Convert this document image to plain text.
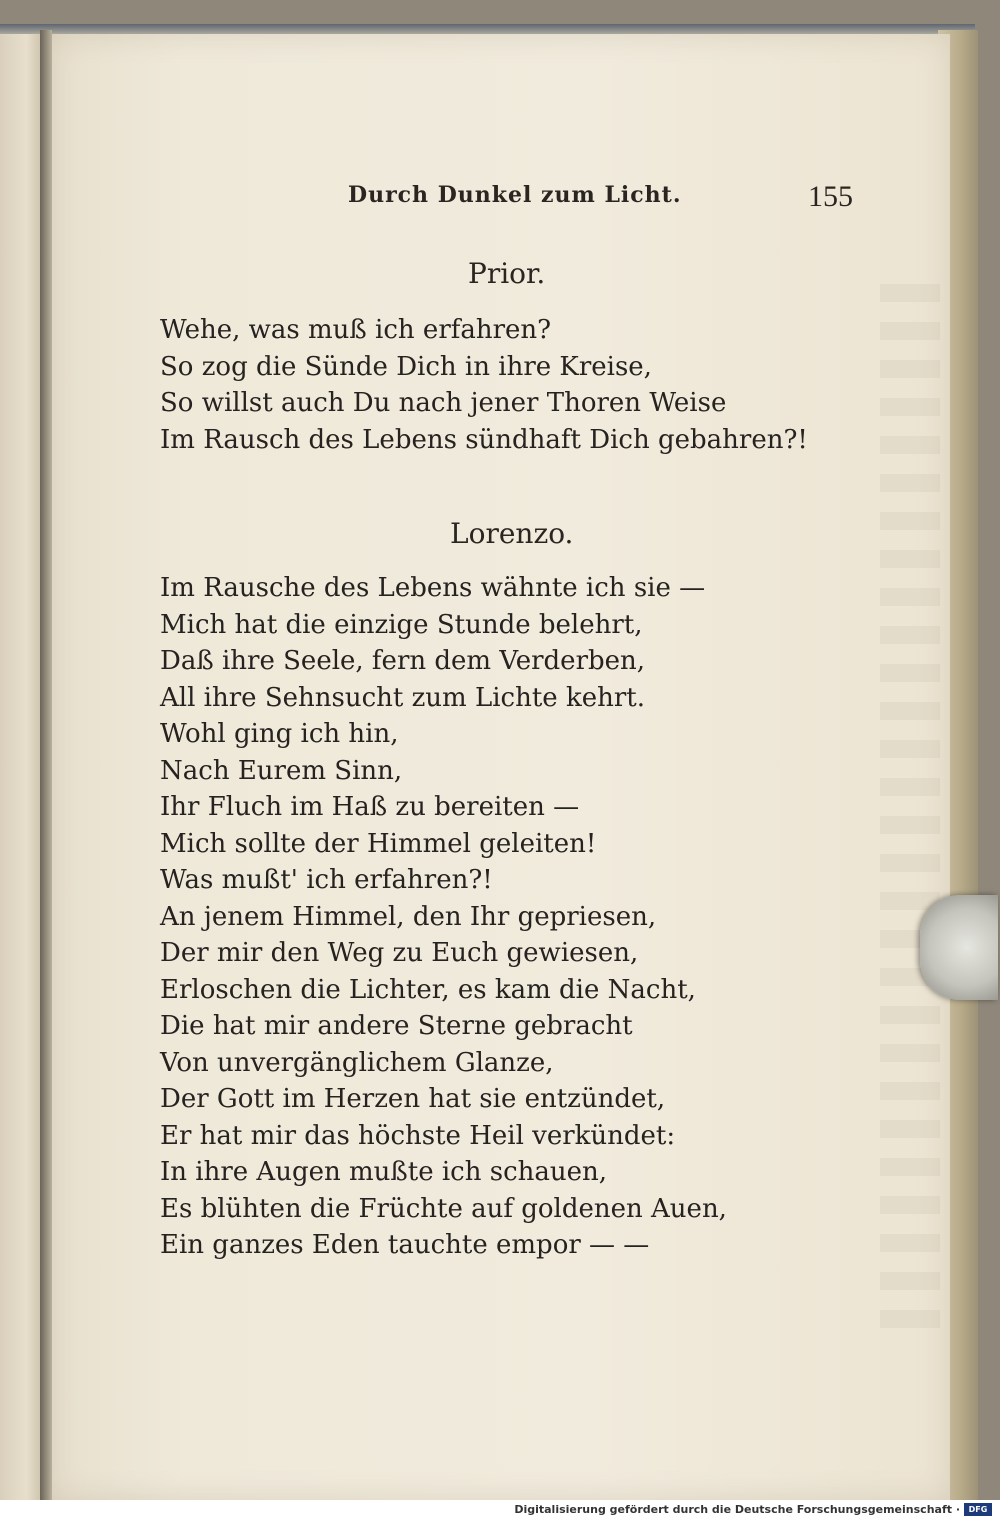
Durch Dunkel zum Licht.	155
Prior.
Wehe, was muß ich erfahren?
So zog die Sünde Dich in ihre Kreise,
So willst auch Du nach jener Thoren Weise
Im Rausch des Lebens sündhaft Dich gebahren?!
Lorenzo.
Im Rausche des Lebens wähnte ich sie —
Mich hat die einzige Stunde belehrt,
Daß ihre Seele, fern dem Verderben,
All ihre Sehnsucht zum Lichte kehrt.
Wohl ging ich hin,
Nach Eurem Sinn,
Ihr Fluch im Haß zu bereiten —
Mich sollte der Himmel geleiten!
Was mußt' ich erfahren?!
An jenem Himmel, den Ihr gepriesen,
Der mir den Weg zu Euch gewiesen,
Erloschen die Lichter, es kam die Nacht,
Die hat mir andere Sterne gebracht
Von unvergänglichem Glanze,
Der Gott im Herzen hat sie entzündet,
Er hat mir das höchste Heil verkündet:
In ihre Augen mußte ich schauen,
Es blühten die Früchte auf goldenen Auen,
Ein ganzes Eden tauchte empor — —
Digitalisierung gefördert durch die Deutsche Forschungsgemeinschaft ·	DFG
